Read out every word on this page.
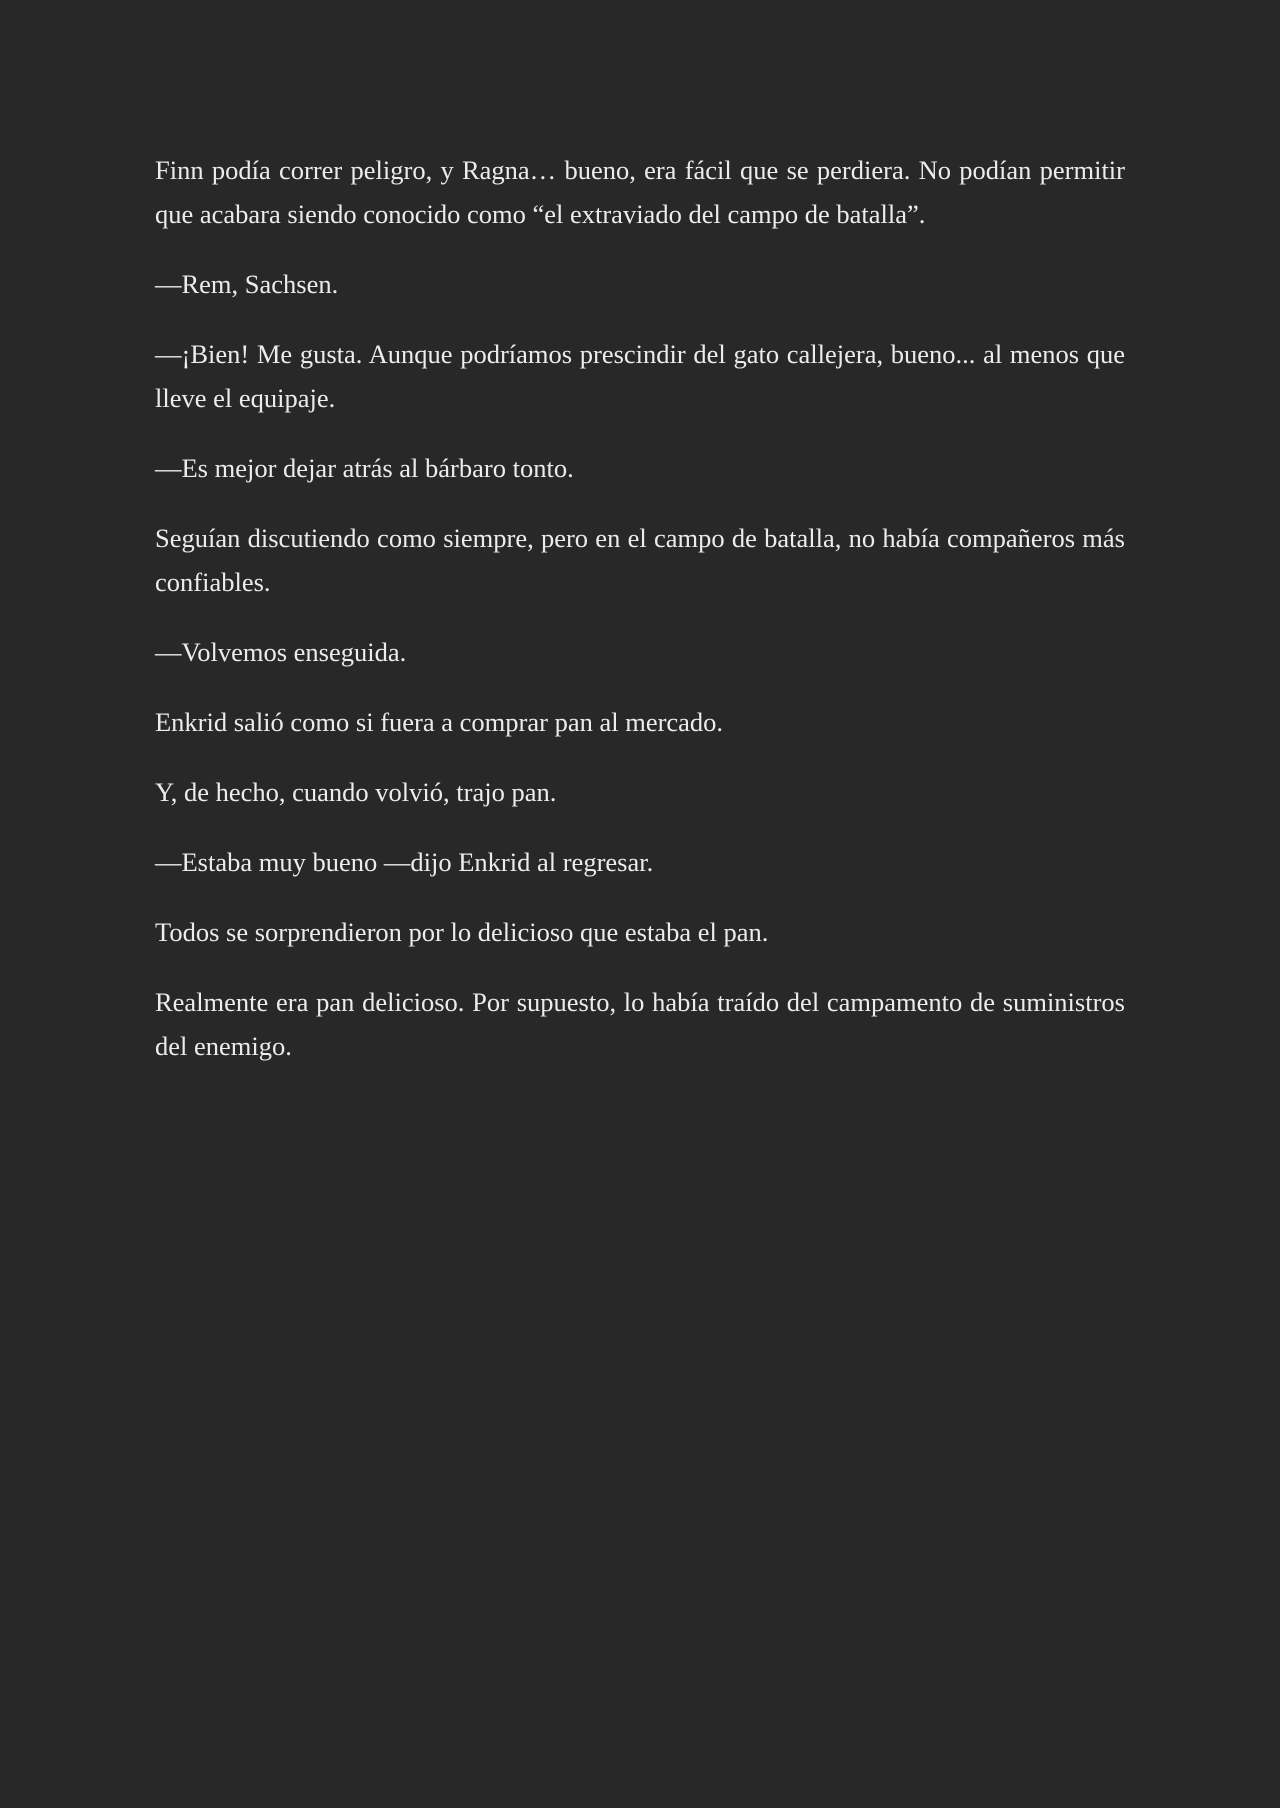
Finn podía correr peligro, y Ragna… bueno, era fácil que se perdiera. No podían permitir que acabara siendo conocido como “el extraviado del campo de batalla”.

—Rem, Sachsen.

—¡Bien! Me gusta. Aunque podríamos prescindir del gato callejera, bueno... al menos que lleve el equipaje.

—Es mejor dejar atrás al bárbaro tonto.

Seguían discutiendo como siempre, pero en el campo de batalla, no había compañeros más confiables.

—Volvemos enseguida.

Enkrid salió como si fuera a comprar pan al mercado.

Y, de hecho, cuando volvió, trajo pan.

—Estaba muy bueno —dijo Enkrid al regresar.

Todos se sorprendieron por lo delicioso que estaba el pan.

Realmente era pan delicioso. Por supuesto, lo había traído del campamento de suministros del enemigo.
